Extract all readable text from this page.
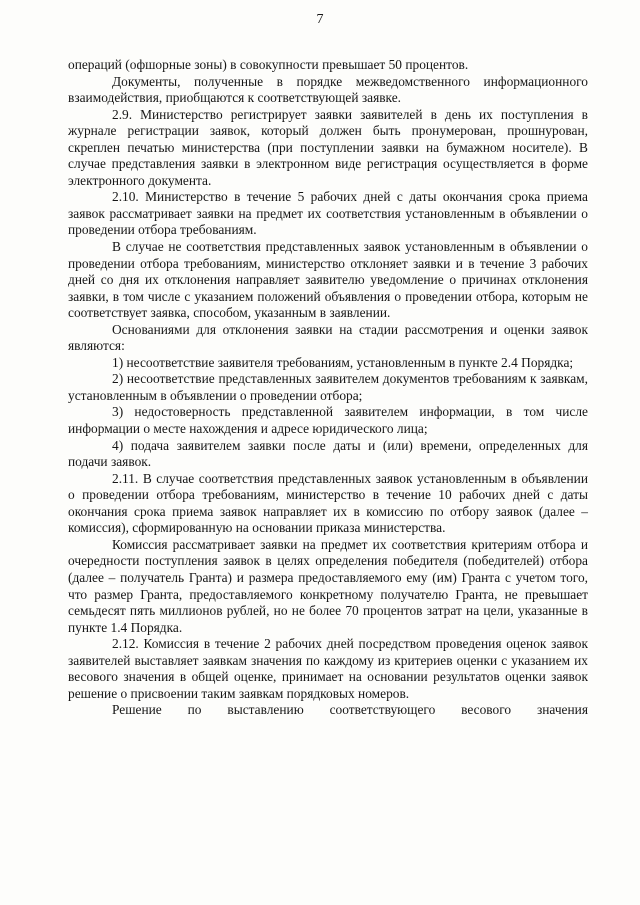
7

операций (офшорные зоны) в совокупности превышает 50 процентов.

Документы, полученные в порядке межведомственного информационного взаимодействия, приобщаются к соответствующей заявке.

2.9. Министерство регистрирует заявки заявителей в день их поступления в журнале регистрации заявок, который должен быть пронумерован, прошнурован, скреплен печатью министерства (при поступлении заявки на бумажном носителе). В случае представления заявки в электронном виде регистрация осуществляется в форме электронного документа.

2.10. Министерство в течение 5 рабочих дней с даты окончания срока приема заявок рассматривает заявки на предмет их соответствия установленным в объявлении о проведении отбора требованиям.

В случае не соответствия представленных заявок установленным в объявлении о проведении отбора требованиям, министерство отклоняет заявки и в течение 3 рабочих дней со дня их отклонения направляет заявителю уведомление о причинах отклонения заявки, в том числе с указанием положений объявления о проведении отбора, которым не соответствует заявка, способом, указанным в заявлении.

Основаниями для отклонения заявки на стадии рассмотрения и оценки заявок являются:

1) несоответствие заявителя требованиям, установленным в пункте 2.4 Порядка;

2) несоответствие представленных заявителем документов требованиям к заявкам, установленным в объявлении о проведении отбора;

3) недостоверность представленной заявителем информации, в том числе информации о месте нахождения и адресе юридического лица;

4) подача заявителем заявки после даты и (или) времени, определенных для подачи заявок.

2.11. В случае соответствия представленных заявок установленным в объявлении о проведении отбора требованиям, министерство в течение 10 рабочих дней с даты окончания срока приема заявок направляет их в комиссию по отбору заявок (далее – комиссия), сформированную на основании приказа министерства.

Комиссия рассматривает заявки на предмет их соответствия критериям отбора и очередности поступления заявок в целях определения победителя (победителей) отбора (далее – получатель Гранта) и размера предоставляемого ему (им) Гранта с учетом того, что размер Гранта, предоставляемого конкретному получателю Гранта, не превышает семьдесят пять миллионов рублей, но не более 70 процентов затрат на цели, указанные в пункте 1.4 Порядка.

2.12. Комиссия в течение 2 рабочих дней посредством проведения оценок заявок заявителей выставляет заявкам значения по каждому из критериев оценки с указанием их весового значения в общей оценке, принимает на основании результатов оценки заявок решение о присвоении таким заявкам порядковых номеров.

Решение по выставлению соответствующего весового значения
